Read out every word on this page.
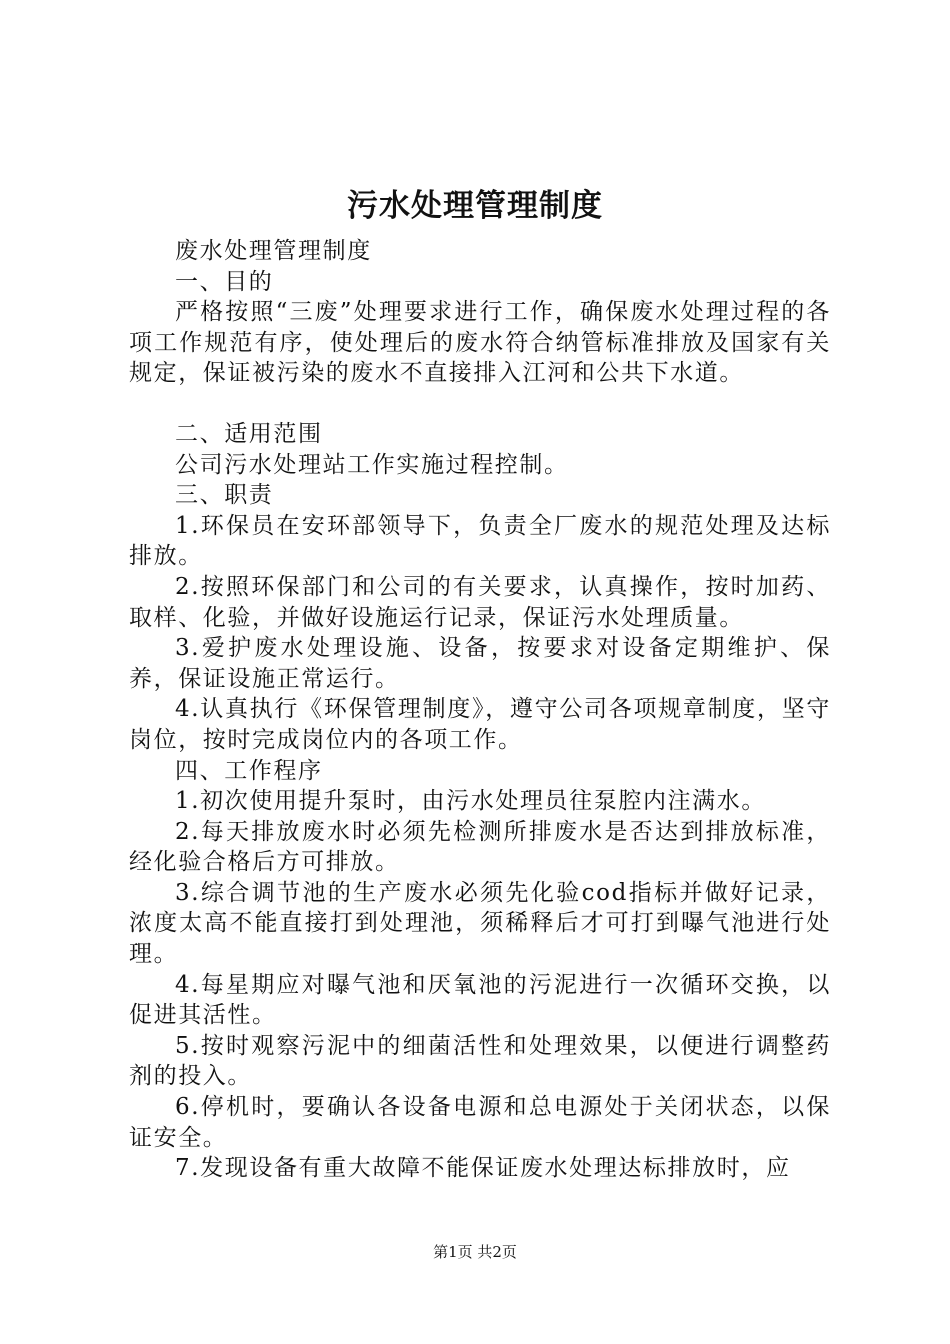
污水处理管理制度

废水处理管理制度

一、目的

严格按照“三废”处理要求进行工作，确保废水处理过程的各项工作规范有序，使处理后的废水符合纳管标准排放及国家有关规定，保证被污染的废水不直接排入江河和公共下水道。

二、适用范围

公司污水处理站工作实施过程控制。

三、职责

1.环保员在安环部领导下，负责全厂废水的规范处理及达标排放。

2.按照环保部门和公司的有关要求，认真操作，按时加药、取样、化验，并做好设施运行记录，保证污水处理质量。

3.爱护废水处理设施、设备，按要求对设备定期维护、保养，保证设施正常运行。

4.认真执行《环保管理制度》，遵守公司各项规章制度，坚守岗位，按时完成岗位内的各项工作。

四、工作程序

1.初次使用提升泵时，由污水处理员往泵腔内注满水。

2.每天排放废水时必须先检测所排废水是否达到排放标准，经化验合格后方可排放。

3.综合调节池的生产废水必须先化验cod指标并做好记录，浓度太高不能直接打到处理池，须稀释后才可打到曝气池进行处理。

4.每星期应对曝气池和厌氧池的污泥进行一次循环交换，以促进其活性。

5.按时观察污泥中的细菌活性和处理效果，以便进行调整药剂的投入。

6.停机时，要确认各设备电源和总电源处于关闭状态，以保证安全。

7.发现设备有重大故障不能保证废水处理达标排放时，应

第1页 共2页
